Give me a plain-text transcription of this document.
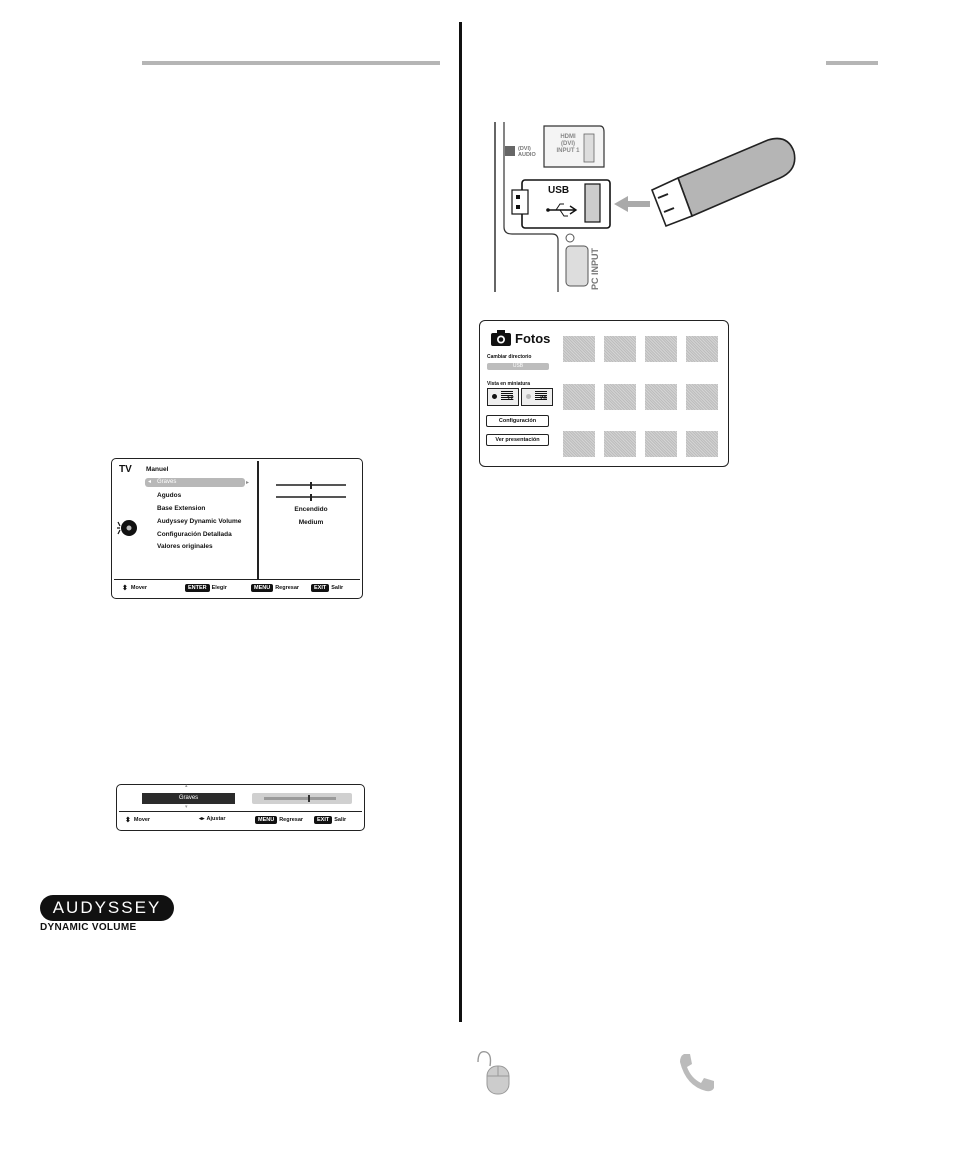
HDMI
(DVI)
INPUT 1
(DVI)
AUDIO
USB
PC INPUT
Fotos
Cambiar directorio
USB
Vista en miniatura
12	20
Configuración
Ver presentación
TV Manuel
Graves
◂	▸
Agudos
Base Extension
Audyssey Dynamic Volume
Configuración Detallada
Valores originales
Encendido
Medium
⬍ Mover	ENTER Elegir	MENU Regresar	EXIT Salir
▴
Graves
▾
⬍ Mover	◂▸ Ajustar	MENU Regresar	EXIT Salir
AUDYSSEY
DYNAMIC VOLUME
